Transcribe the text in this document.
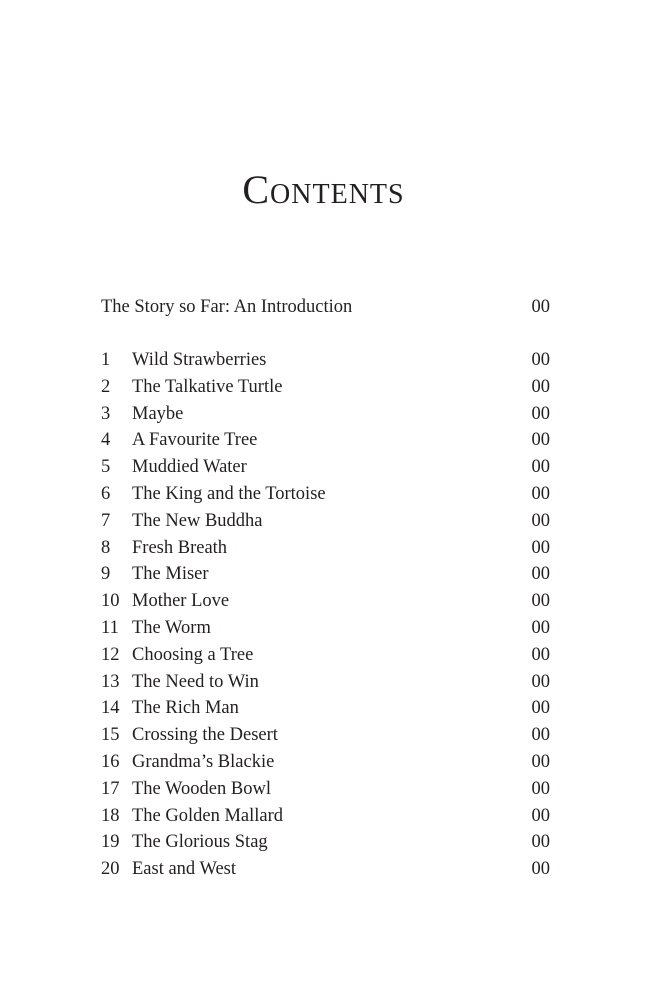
Contents
The Story so Far: An Introduction	00
1 Wild Strawberries	00
2 The Talkative Turtle	00
3 Maybe	00
4 A Favourite Tree	00
5 Muddied Water	00
6 The King and the Tortoise	00
7 The New Buddha	00
8 Fresh Breath	00
9 The Miser	00
10 Mother Love	00
11 The Worm	00
12 Choosing a Tree	00
13 The Need to Win	00
14 The Rich Man	00
15 Crossing the Desert	00
16 Grandma’s Blackie	00
17 The Wooden Bowl	00
18 The Golden Mallard	00
19 The Glorious Stag	00
20 East and West	00
